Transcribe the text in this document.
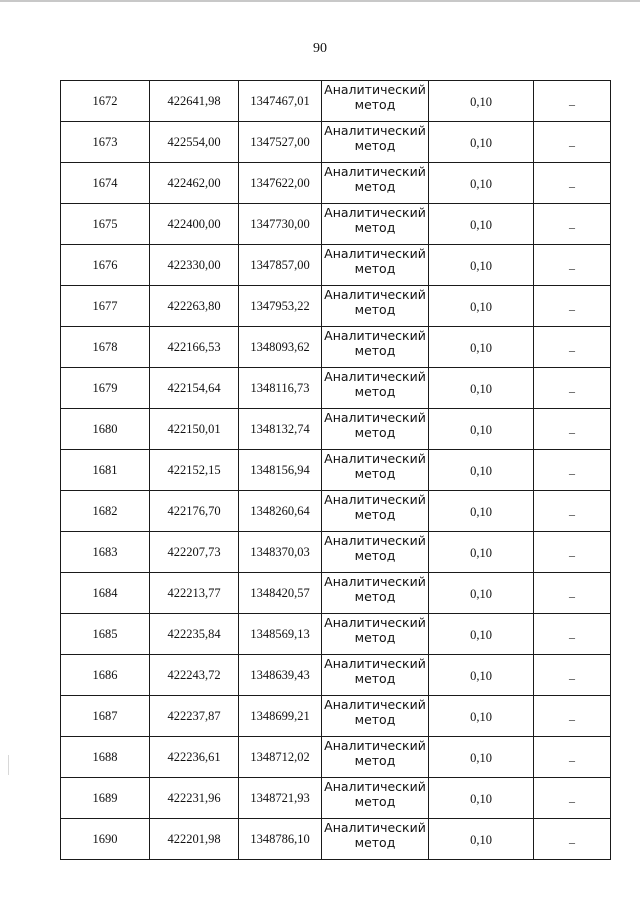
90
1672	422641,98	1347467,01	Аналитический метод	0,10	–
1673	422554,00	1347527,00	Аналитический метод	0,10	–
1674	422462,00	1347622,00	Аналитический метод	0,10	–
1675	422400,00	1347730,00	Аналитический метод	0,10	–
1676	422330,00	1347857,00	Аналитический метод	0,10	–
1677	422263,80	1347953,22	Аналитический метод	0,10	–
1678	422166,53	1348093,62	Аналитический метод	0,10	–
1679	422154,64	1348116,73	Аналитический метод	0,10	–
1680	422150,01	1348132,74	Аналитический метод	0,10	–
1681	422152,15	1348156,94	Аналитический метод	0,10	–
1682	422176,70	1348260,64	Аналитический метод	0,10	–
1683	422207,73	1348370,03	Аналитический метод	0,10	–
1684	422213,77	1348420,57	Аналитический метод	0,10	–
1685	422235,84	1348569,13	Аналитический метод	0,10	–
1686	422243,72	1348639,43	Аналитический метод	0,10	–
1687	422237,87	1348699,21	Аналитический метод	0,10	–
1688	422236,61	1348712,02	Аналитический метод	0,10	–
1689	422231,96	1348721,93	Аналитический метод	0,10	–
1690	422201,98	1348786,10	Аналитический метод	0,10	–
